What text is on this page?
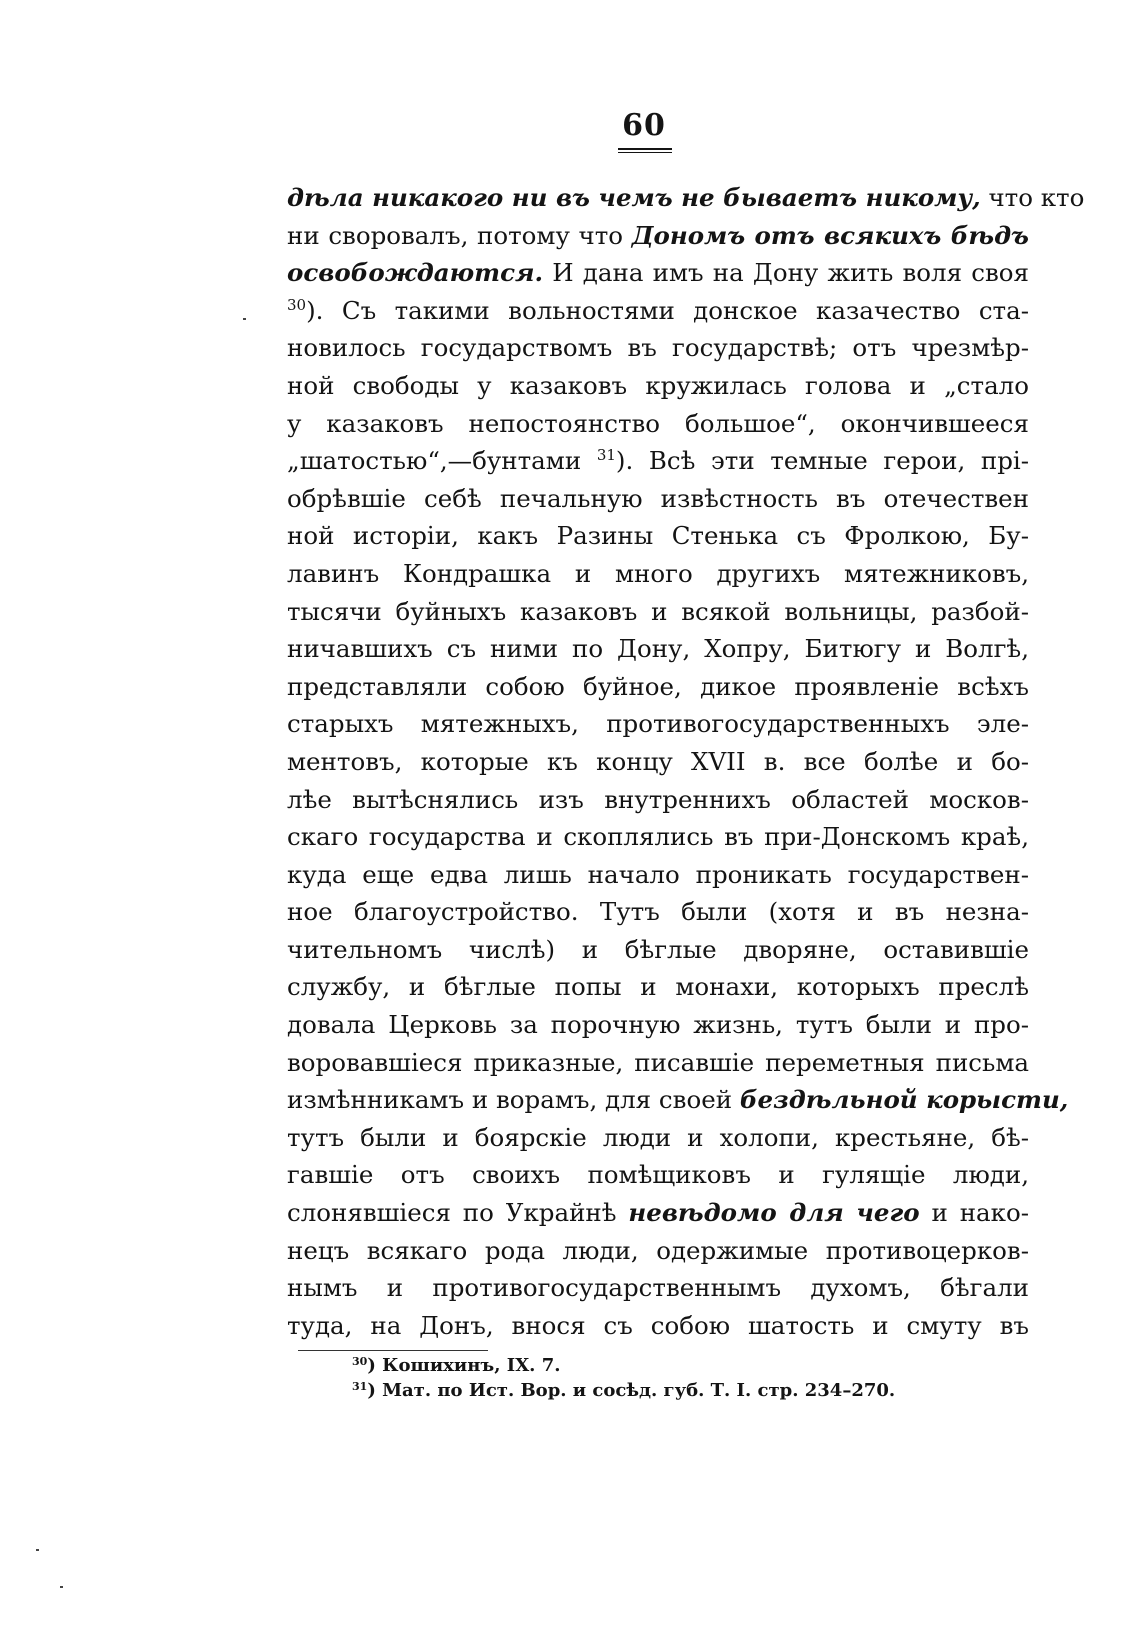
60
дѣла никакого ни въ чемъ не бываетъ никому, что кто
ни своровалъ, потому что Дономъ отъ всякихъ бѣдъ
освобождаются. И дана имъ на Дону жить воля своя
$^{30}$). Съ такими вольностями донское казачество ста-
новилось государствомъ въ государствѣ; отъ чрезмѣр-
ной свободы у казаковъ кружилась голова и „стало
у казаковъ непостоянство большое“, окончившееся
„шатостью“,—бунтами $^{31}$). Всѣ эти темные герои, прі-
обрѣвшіе себѣ печальную извѣстность въ отечествен
ной исторіи, какъ Разины Стенька съ Фролкою, Бу-
лавинъ Кондрашка и много другихъ мятежниковъ,
тысячи буйныхъ казаковъ и всякой вольницы, разбой-
ничавшихъ съ ними по Дону, Хопру, Битюгу и Волгѣ,
представляли собою буйное, дикое проявленіе всѣхъ
старыхъ мятежныхъ, противогосударственныхъ эле-
ментовъ, которые къ концу XVII в. все болѣе и бо-
лѣе вытѣснялись изъ внутреннихъ областей москов-
скаго государства и скоплялись въ при-Донскомъ краѣ,
куда еще едва лишь начало проникать государствен-
ное благоустройство. Тутъ были (хотя и въ незна-
чительномъ числѣ) и бѣглые дворяне, оставившіе
службу, и бѣглые попы и монахи, которыхъ преслѣ
довала Церковь за порочную жизнь, тутъ были и про-
воровавшіеся приказные, писавшіе переметныя письма
измѣнникамъ и ворамъ, для своей бездѣльной корысти,
тутъ были и боярскіе люди и холопи, крестьяне, бѣ-
гавшіе отъ своихъ помѣщиковъ и гулящіе люди,
слонявшіеся по Украйнѣ невѣдомо для чего и нако-
нецъ всякаго рода люди, одержимые противоцерков-
нымъ и противогосударственнымъ духомъ, бѣгали
туда, на Донъ, внося съ собою шатость и смуту въ
$^{30}$) Кошихинъ, IX. 7.
$^{31}$) Мат. по Ист. Вор. и сосѣд. губ. Т. I. стр. 234–270.
